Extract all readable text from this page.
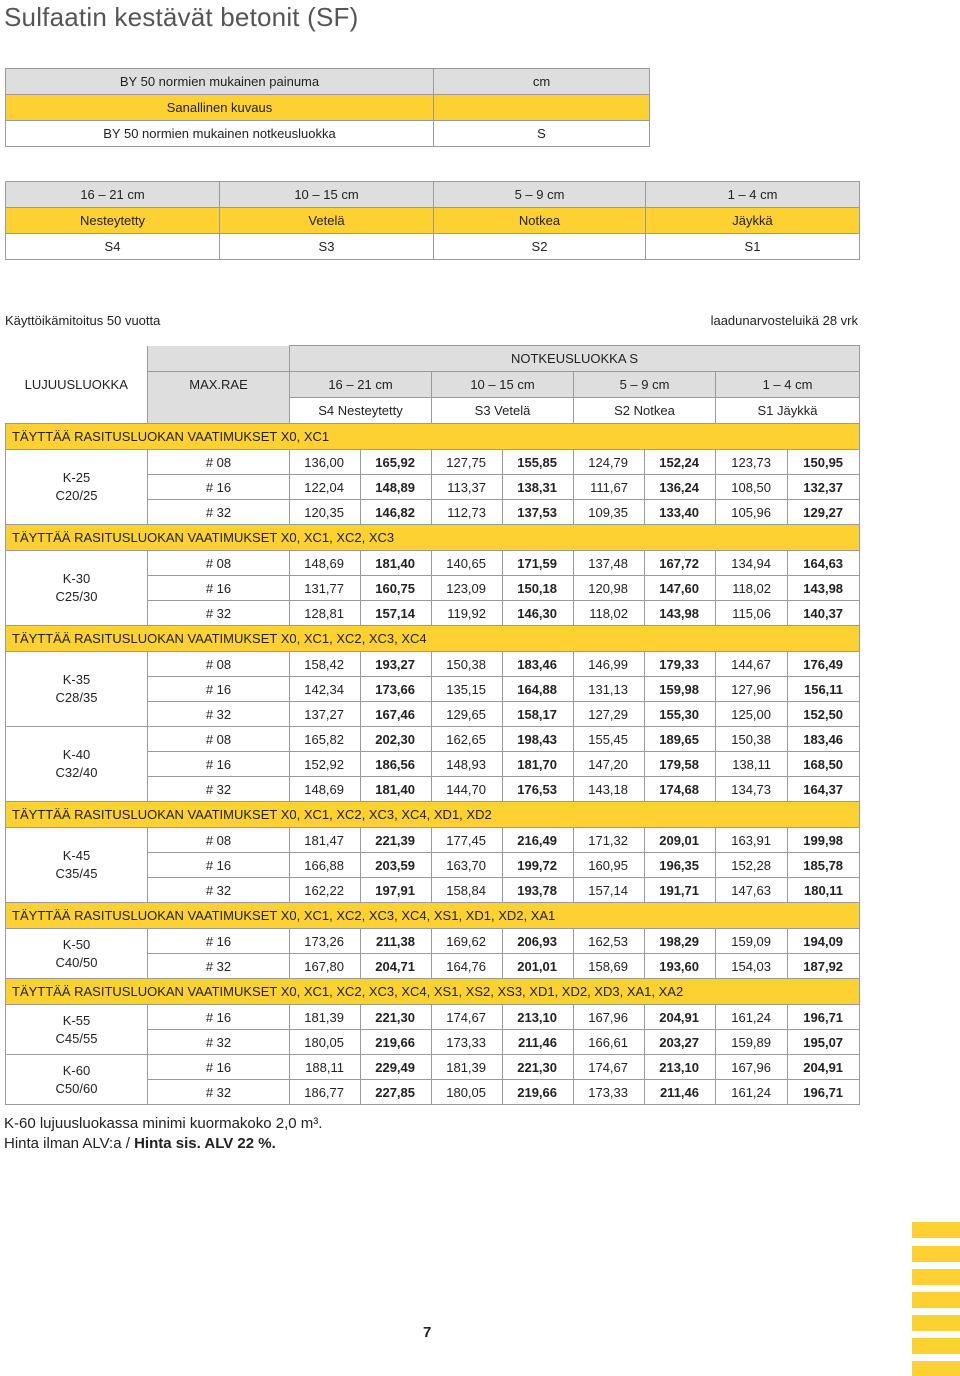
Sulfaatin kestävät betonit (SF)
BY 50 normien mukainen painuma	cm
Sanallinen kuvaus	
BY 50 normien mukainen notkeusluokka	S
16 – 21 cm	10 – 15 cm	5 – 9 cm	1 – 4 cm
Nesteytetty	Vetelä	Notkea	Jäykkä
S4	S3	S2	S1
Käyttöikämitoitus 50 vuotta	laadunarvosteluikä 28 vrk
		NOTKEUSLUOKKA S							
LUJUUSLUOKKA	MAX.RAE	16 – 21 cm		10 – 15 cm		5 – 9 cm		1 – 4 cm	
		S4 Nesteytetty		S3 Vetelä		S2 Notkea		S1 Jäykkä	
TÄYTTÄÄ RASITUSLUOKAN VAATIMUKSET X0, XC1									

K-25
C20/25	# 08	136,00	165,92	127,75	155,85	124,79	152,24	123,73	150,95
	# 16	122,04	148,89	113,37	138,31	111,67	136,24	108,50	132,37
	# 32	120,35	146,82	112,73	137,53	109,35	133,40	105,96	129,27
TÄYTTÄÄ RASITUSLUOKAN VAATIMUKSET X0, XC1, XC2, XC3									

K-30
C25/30	# 08	148,69	181,40	140,65	171,59	137,48	167,72	134,94	164,63
	# 16	131,77	160,75	123,09	150,18	120,98	147,60	118,02	143,98
	# 32	128,81	157,14	119,92	146,30	118,02	143,98	115,06	140,37
TÄYTTÄÄ RASITUSLUOKAN VAATIMUKSET X0, XC1, XC2, XC3, XC4									

K-35
C28/35	# 08	158,42	193,27	150,38	183,46	146,99	179,33	144,67	176,49
	# 16	142,34	173,66	135,15	164,88	131,13	159,98	127,96	156,11
	# 32	137,27	167,46	129,65	158,17	127,29	155,30	125,00	152,50

K-40
C32/40	# 08	165,82	202,30	162,65	198,43	155,45	189,65	150,38	183,46
	# 16	152,92	186,56	148,93	181,70	147,20	179,58	138,11	168,50
	# 32	148,69	181,40	144,70	176,53	143,18	174,68	134,73	164,37
TÄYTTÄÄ RASITUSLUOKAN VAATIMUKSET X0, XC1, XC2, XC3, XC4, XD1, XD2									

K-45
C35/45	# 08	181,47	221,39	177,45	216,49	171,32	209,01	163,91	199,98
	# 16	166,88	203,59	163,70	199,72	160,95	196,35	152,28	185,78
	# 32	162,22	197,91	158,84	193,78	157,14	191,71	147,63	180,11
TÄYTTÄÄ RASITUSLUOKAN VAATIMUKSET X0, XC1, XC2, XC3, XC4, XS1, XD1, XD2, XA1									

K-50
C40/50	# 16	173,26	211,38	169,62	206,93	162,53	198,29	159,09	194,09
	# 32	167,80	204,71	164,76	201,01	158,69	193,60	154,03	187,92
TÄYTTÄÄ RASITUSLUOKAN VAATIMUKSET X0, XC1, XC2, XC3, XC4, XS1, XS2, XS3, XD1, XD2, XD3, XA1, XA2									

K-55
C45/55	# 16	181,39	221,30	174,67	213,10	167,96	204,91	161,24	196,71
	# 32	180,05	219,66	173,33	211,46	166,61	203,27	159,89	195,07

K-60
C50/60	# 16	188,11	229,49	181,39	221,30	174,67	213,10	167,96	204,91
	# 32	186,77	227,85	180,05	219,66	173,33	211,46	161,24	196,71
K-60 lujuusluokassa minimi kuormakoko 2,0 m³.
Hinta ilman ALV:a / Hinta sis. ALV 22 %.
7
